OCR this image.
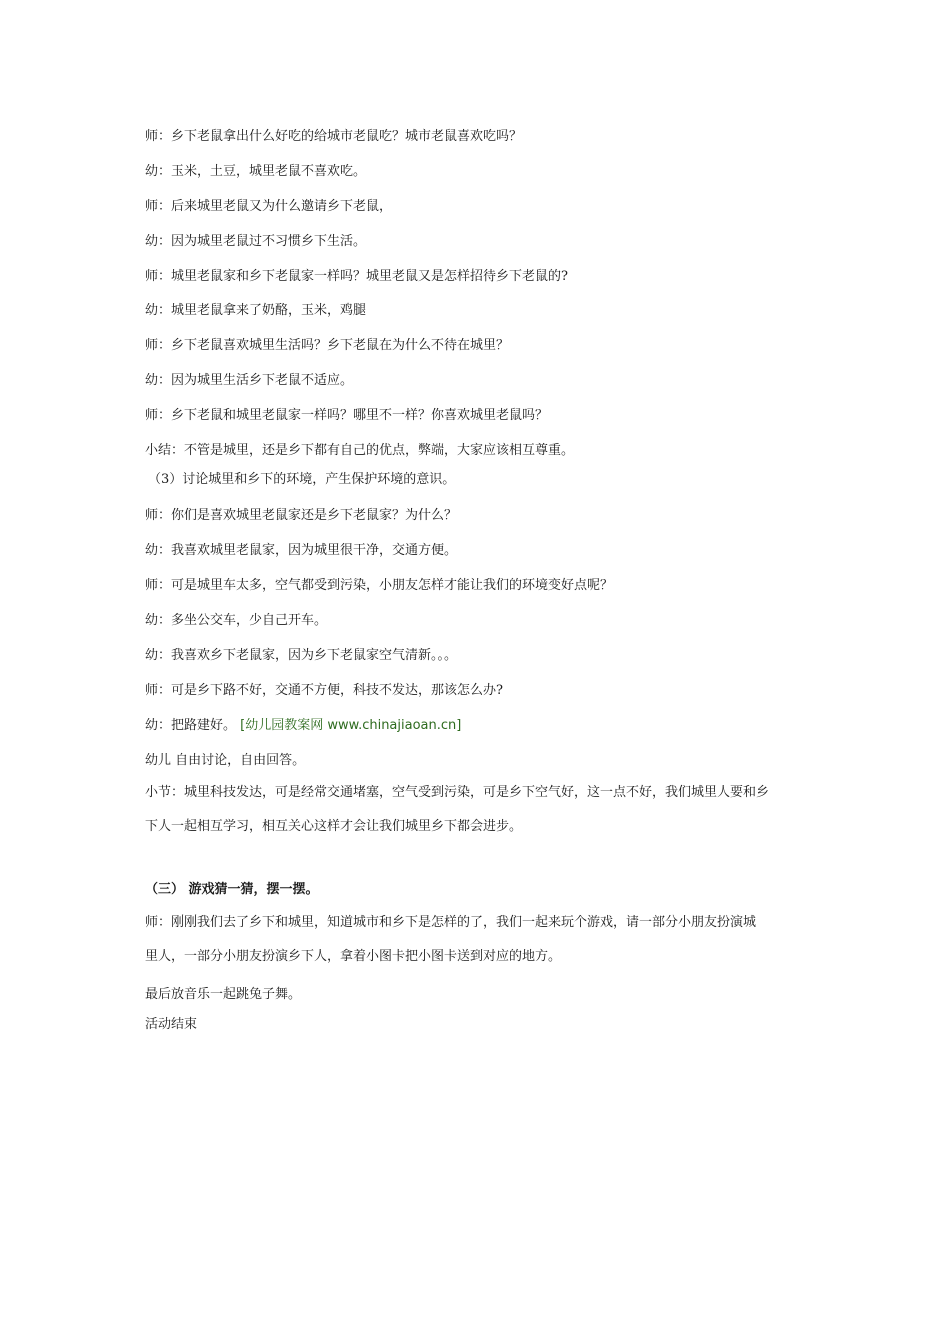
师：乡下老鼠拿出什么好吃的给城市老鼠吃？城市老鼠喜欢吃吗？
幼：玉米，土豆，城里老鼠不喜欢吃。
师：后来城里老鼠又为什么邀请乡下老鼠，
幼：因为城里老鼠过不习惯乡下生活。
师：城里老鼠家和乡下老鼠家一样吗？城里老鼠又是怎样招待乡下老鼠的?
幼：城里老鼠拿来了奶酪，玉米，鸡腿
师：乡下老鼠喜欢城里生活吗？乡下老鼠在为什么不待在城里？
幼：因为城里生活乡下老鼠不适应。
师：乡下老鼠和城里老鼠家一样吗？哪里不一样？你喜欢城里老鼠吗？
小结：不管是城里，还是乡下都有自己的优点，弊端，大家应该相互尊重。
（3）讨论城里和乡下的环境，产生保护环境的意识。
师：你们是喜欢城里老鼠家还是乡下老鼠家？为什么？
幼：我喜欢城里老鼠家，因为城里很干净，交通方便。
师：可是城里车太多，空气都受到污染，小朋友怎样才能让我们的环境变好点呢？
幼：多坐公交车，少自己开车。
幼：我喜欢乡下老鼠家，因为乡下老鼠家空气清新。。。
师：可是乡下路不好，交通不方便，科技不发达，那该怎么办?
幼：把路建好。 [幼儿园教案网 www.chinajiaoan.cn]
幼儿 自由讨论，自由回答。
小节：城里科技发达，可是经常交通堵塞，空气受到污染，可是乡下空气好，这一点不好，我们城里人要和乡
下人一起相互学习，相互关心这样才会让我们城里乡下都会进步。
（三） 游戏猜一猜，摆一摆。
师：刚刚我们去了乡下和城里，知道城市和乡下是怎样的了，我们一起来玩个游戏，请一部分小朋友扮演城
里人，一部分小朋友扮演乡下人，拿着小图卡把小图卡送到对应的地方。
最后放音乐一起跳兔子舞。
活动结束
